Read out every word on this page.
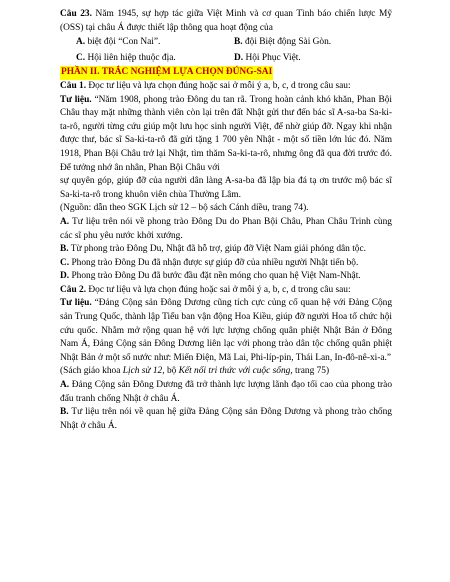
Câu 23. Năm 1945, sự hợp tác giữa Việt Minh và cơ quan Tình báo chiến lược Mỹ (OSS) tại châu Á được thiết lập thông qua hoạt động của

A. biệt đội “Con Nai”.	B. đội Biệt động Sài Gòn.
C. Hội liên hiệp thuộc địa.	D. Hội Phục Việt.

PHẦN II. TRẮC NGHIỆM LỰA CHỌN ĐÚNG-SAI

Câu 1. Đọc tư liệu và lựa chọn đúng hoặc sai ở mỗi ý a, b, c, d trong câu sau:

Tư liệu. “Năm 1908, phong trào Đông du tan rã. Trong hoàn cảnh khó khăn, Phan Bội Châu thay mặt những thành viên còn lại trên đất Nhật gửi thư đến bác sĩ A-sa-ba Sa-ki-ta-rô, người từng cứu giúp một lưu học sinh người Việt, để nhờ giúp đỡ. Ngay khi nhận được thư, bác sĩ Sa-ki-ta-rô đã gửi tặng 1 700 yên Nhật - một số tiền lớn lúc đó. Năm 1918, Phan Bội Châu trở lại Nhật, tìm thăm Sa-ki-ta-rô, nhưng ông đã qua đời trước đó. Để tưởng nhớ ân nhân, Phan Bội Châu với

sự quyên góp, giúp đỡ của người dân làng A-sa-ba đã lập bia đá tạ ơn trước mộ bác sĩ Sa-ki-ta-rô trong khuôn viên chùa Thường Lâm.

(Nguồn: dẫn theo SGK Lịch sử 12 – bộ sách Cánh diều, trang 74).

A. Tư liệu trên nói về phong trào Đông Du do Phan Bội Châu, Phan Châu Trinh cùng các sĩ phu yêu nước khởi xướng.

B. Từ phong trào Đông Du, Nhật đã hỗ trợ, giúp đỡ Việt Nam giải phóng dân tộc.

C. Phong trào Đông Du đã nhận được sự giúp đỡ của nhiều người Nhật tiến bộ.

D. Phong trào Đông Du đã bước đầu đặt nền móng cho quan hệ Việt Nam-Nhật.

Câu 2. Đọc tư liệu và lựa chọn đúng hoặc sai ở mỗi ý a, b, c, d trong câu sau:

Tư liệu. “Đảng Cộng sản Đông Dương cũng tích cực củng cố quan hệ với Đảng Cộng sản Trung Quốc, thành lập Tiểu ban vận động Hoa Kiều, giúp đỡ người Hoa tổ chức hội cứu quốc. Nhằm mở rộng quan hệ với lực lượng chống quân phiệt Nhật Bản ở Đông Nam Á, Đảng Cộng sản Đông Dương liên lạc với phong trào dân tộc chống quân phiệt Nhật Bản ở một số nước như: Miến Điện, Mã Lai, Phi-líp-pin, Thái Lan, In-đô-nê-xi-a.”

(Sách giáo khoa Lịch sử 12, bộ Kết nối tri thức với cuộc sống, trang 75)

A. Đảng Cộng sản Đông Dương đã trở thành lực lượng lãnh đạo tối cao của phong trào đấu tranh chống Nhật ở châu Á.

B. Tư liệu trên nói về quan hệ giữa Đảng Cộng sản Đông Dương và phong trào chống Nhật ở châu Á.
